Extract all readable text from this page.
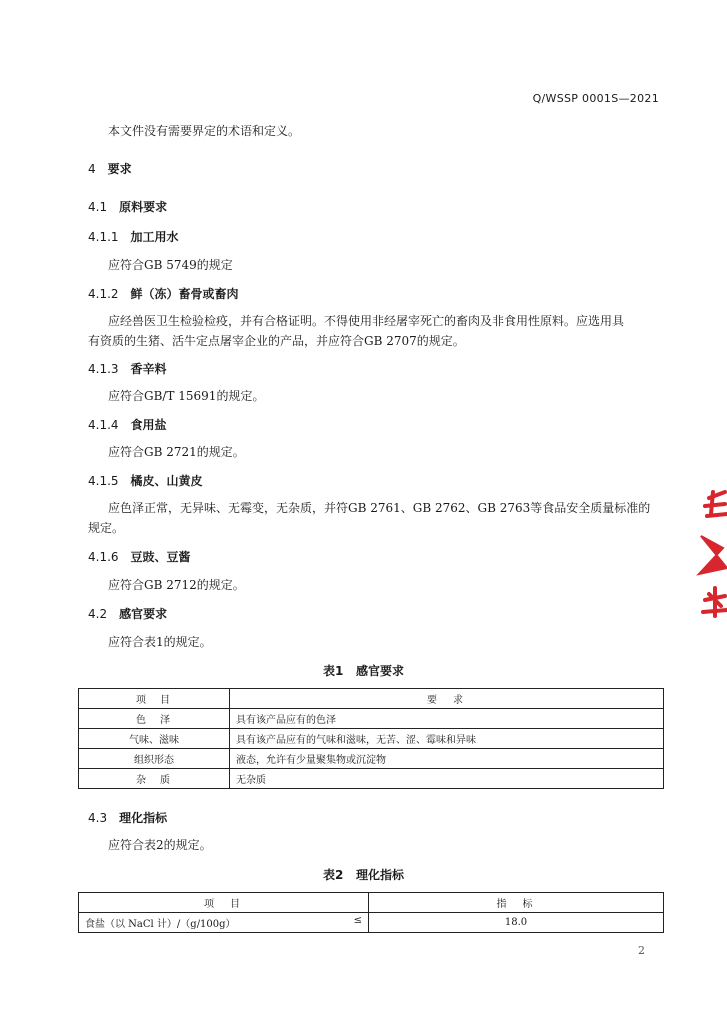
Q/WSSP 0001S—2021
本文件没有需要界定的术语和定义。
4 要求
4.1 原料要求
4.1.1 加工用水
应符合GB 5749的规定
4.1.2 鲜（冻）畜骨或畜肉
应经兽医卫生检验检疫，并有合格证明。不得使用非经屠宰死亡的畜肉及非食用性原料。应选用具
有资质的生猪、活牛定点屠宰企业的产品，并应符合GB 2707的规定。
4.1.3 香辛料
应符合GB/T 15691的规定。
4.1.4 食用盐
应符合GB 2721的规定。
4.1.5 橘皮、山黄皮
应色泽正常，无异味、无霉变，无杂质，并符GB 2761、GB 2762、GB 2763等食品安全质量标准的
规定。
4.1.6 豆豉、豆酱
应符合GB 2712的规定。
4.2 感官要求
应符合表1的规定。
表1 感官要求
项　目	要　求
色　泽	具有该产品应有的色泽
气味、滋味	具有该产品应有的气味和滋味，无苦、涩、霉味和异味
组织形态	液态，允许有少量聚集物或沉淀物
杂　质	无杂质
4.3 理化指标
应符合表2的规定。
表2 理化指标
项　目	指　标
食盐（以 NaCl 计）/（g/100g） ≤	18.0
2
